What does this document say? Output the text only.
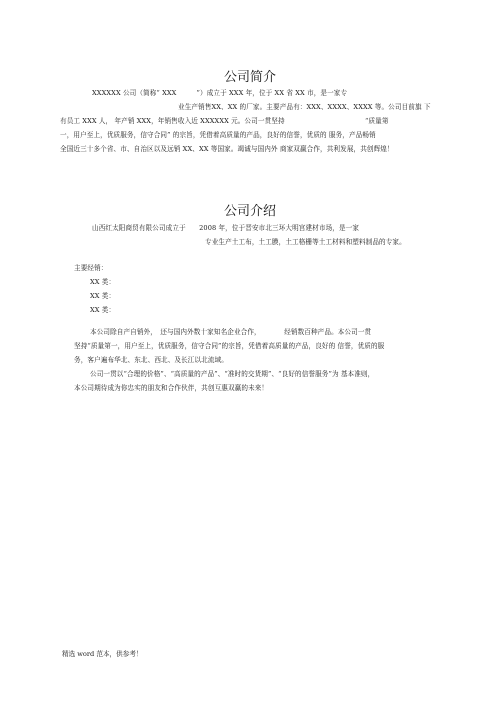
公司简介
XXXXXX 公司（简称“ XXX　　　”）成立于 XXX 年，位于 XX 省 XX 市，是一家专
业生产销售XX、XX 的厂家。主要产品有：XXX、XXXX、XXXX 等。公司目前旗 下
有员工 XXX 人， 年产销 XXX，年销售收入近 XXXXXX 元。公司一贯坚持　　　　　　　　　　　　“质量第
一，用户至上，优质服务，信守合同” 的宗旨，凭借着高质量的产品，良好的信誉，优质的 服务，产品畅销
全国近三十多个省、市、自治区以及远销 XX、XX 等国家。竭诚与国内外 商家双赢合作，共利发展，共创辉煌！
公司介绍
山西红太阳商贸有限公司成立于　　2008 年，位于晋安市北三环大明宫建材市场，是一家
专业生产土工布，土工膜，土工格栅等土工材料和塑料制品的专家。
主要经销：
XX 类：
XX 类：
XX 类：
本公司除自产自销外，　还与国内外数十家知名企业合作，　　　　经销数百种产品。本公司一贯
坚持“质量第一，用户至上，优质服务，信守合同”的宗旨，凭借着高质量的产品，良好的 信誉，优质的服
务，客户遍布华北、东北、西北、及长江以北流域。
公司一贯以“合理的价格”、“高质量的产品”、“准时的交货期”、“良好的信誉服务”为 基本准则，
本公司期待成为你忠实的朋友和合作伙伴，共创互惠双赢的未来！
精选 word 范本，供参考！
